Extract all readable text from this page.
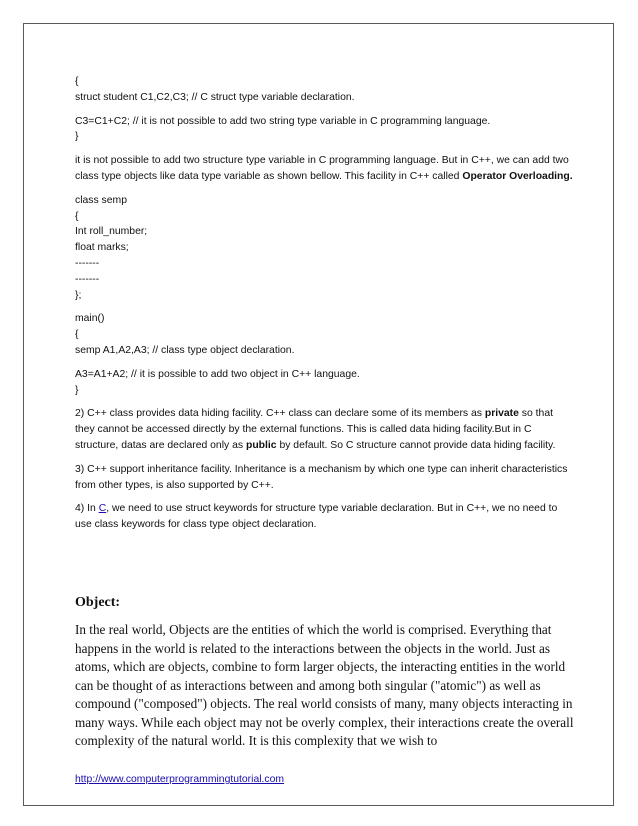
{

struct student C1,C2,C3; // C struct type variable declaration.

C3=C1+C2; // it is not possible to add two string type variable in C programming language.

}

it is not possible to add two structure type variable in C programming language. But in C++, we can add two class type objects like data type variable as shown bellow. This facility in C++ called Operator Overloading.

class semp

{

Int roll_number;

float marks;

-------

-------

};

main()

{

semp A1,A2,A3; // class type object declaration.

A3=A1+A2; // it is possible to add two object in C++ language.

}

2) C++ class provides data hiding facility. C++ class can declare some of its members as private so that they cannot be accessed directly by the external functions. This is called data hiding facility.But in C structure, datas are declared only as public by default. So C structure cannot provide data hiding facility.

3) C++ support inheritance facility. Inheritance is a mechanism by which one type can inherit characteristics from other types, is also supported by C++.

4) In C, we need to use struct keywords for structure type variable declaration. But in C++, we no need to use class keywords for class type object declaration.

Object:

In the real world, Objects are the entities of which the world is comprised. Everything that happens in the world is related to the interactions between the objects in the world. Just as atoms, which are objects, combine to form larger objects, the interacting entities in the world can be thought of as interactions between and among both singular ("atomic") as well as compound ("composed") objects. The real world consists of many, many objects interacting in many ways. While each object may not be overly complex, their interactions create the overall complexity of the natural world. It is this complexity that we wish to

http://www.computerprogrammingtutorial.com
